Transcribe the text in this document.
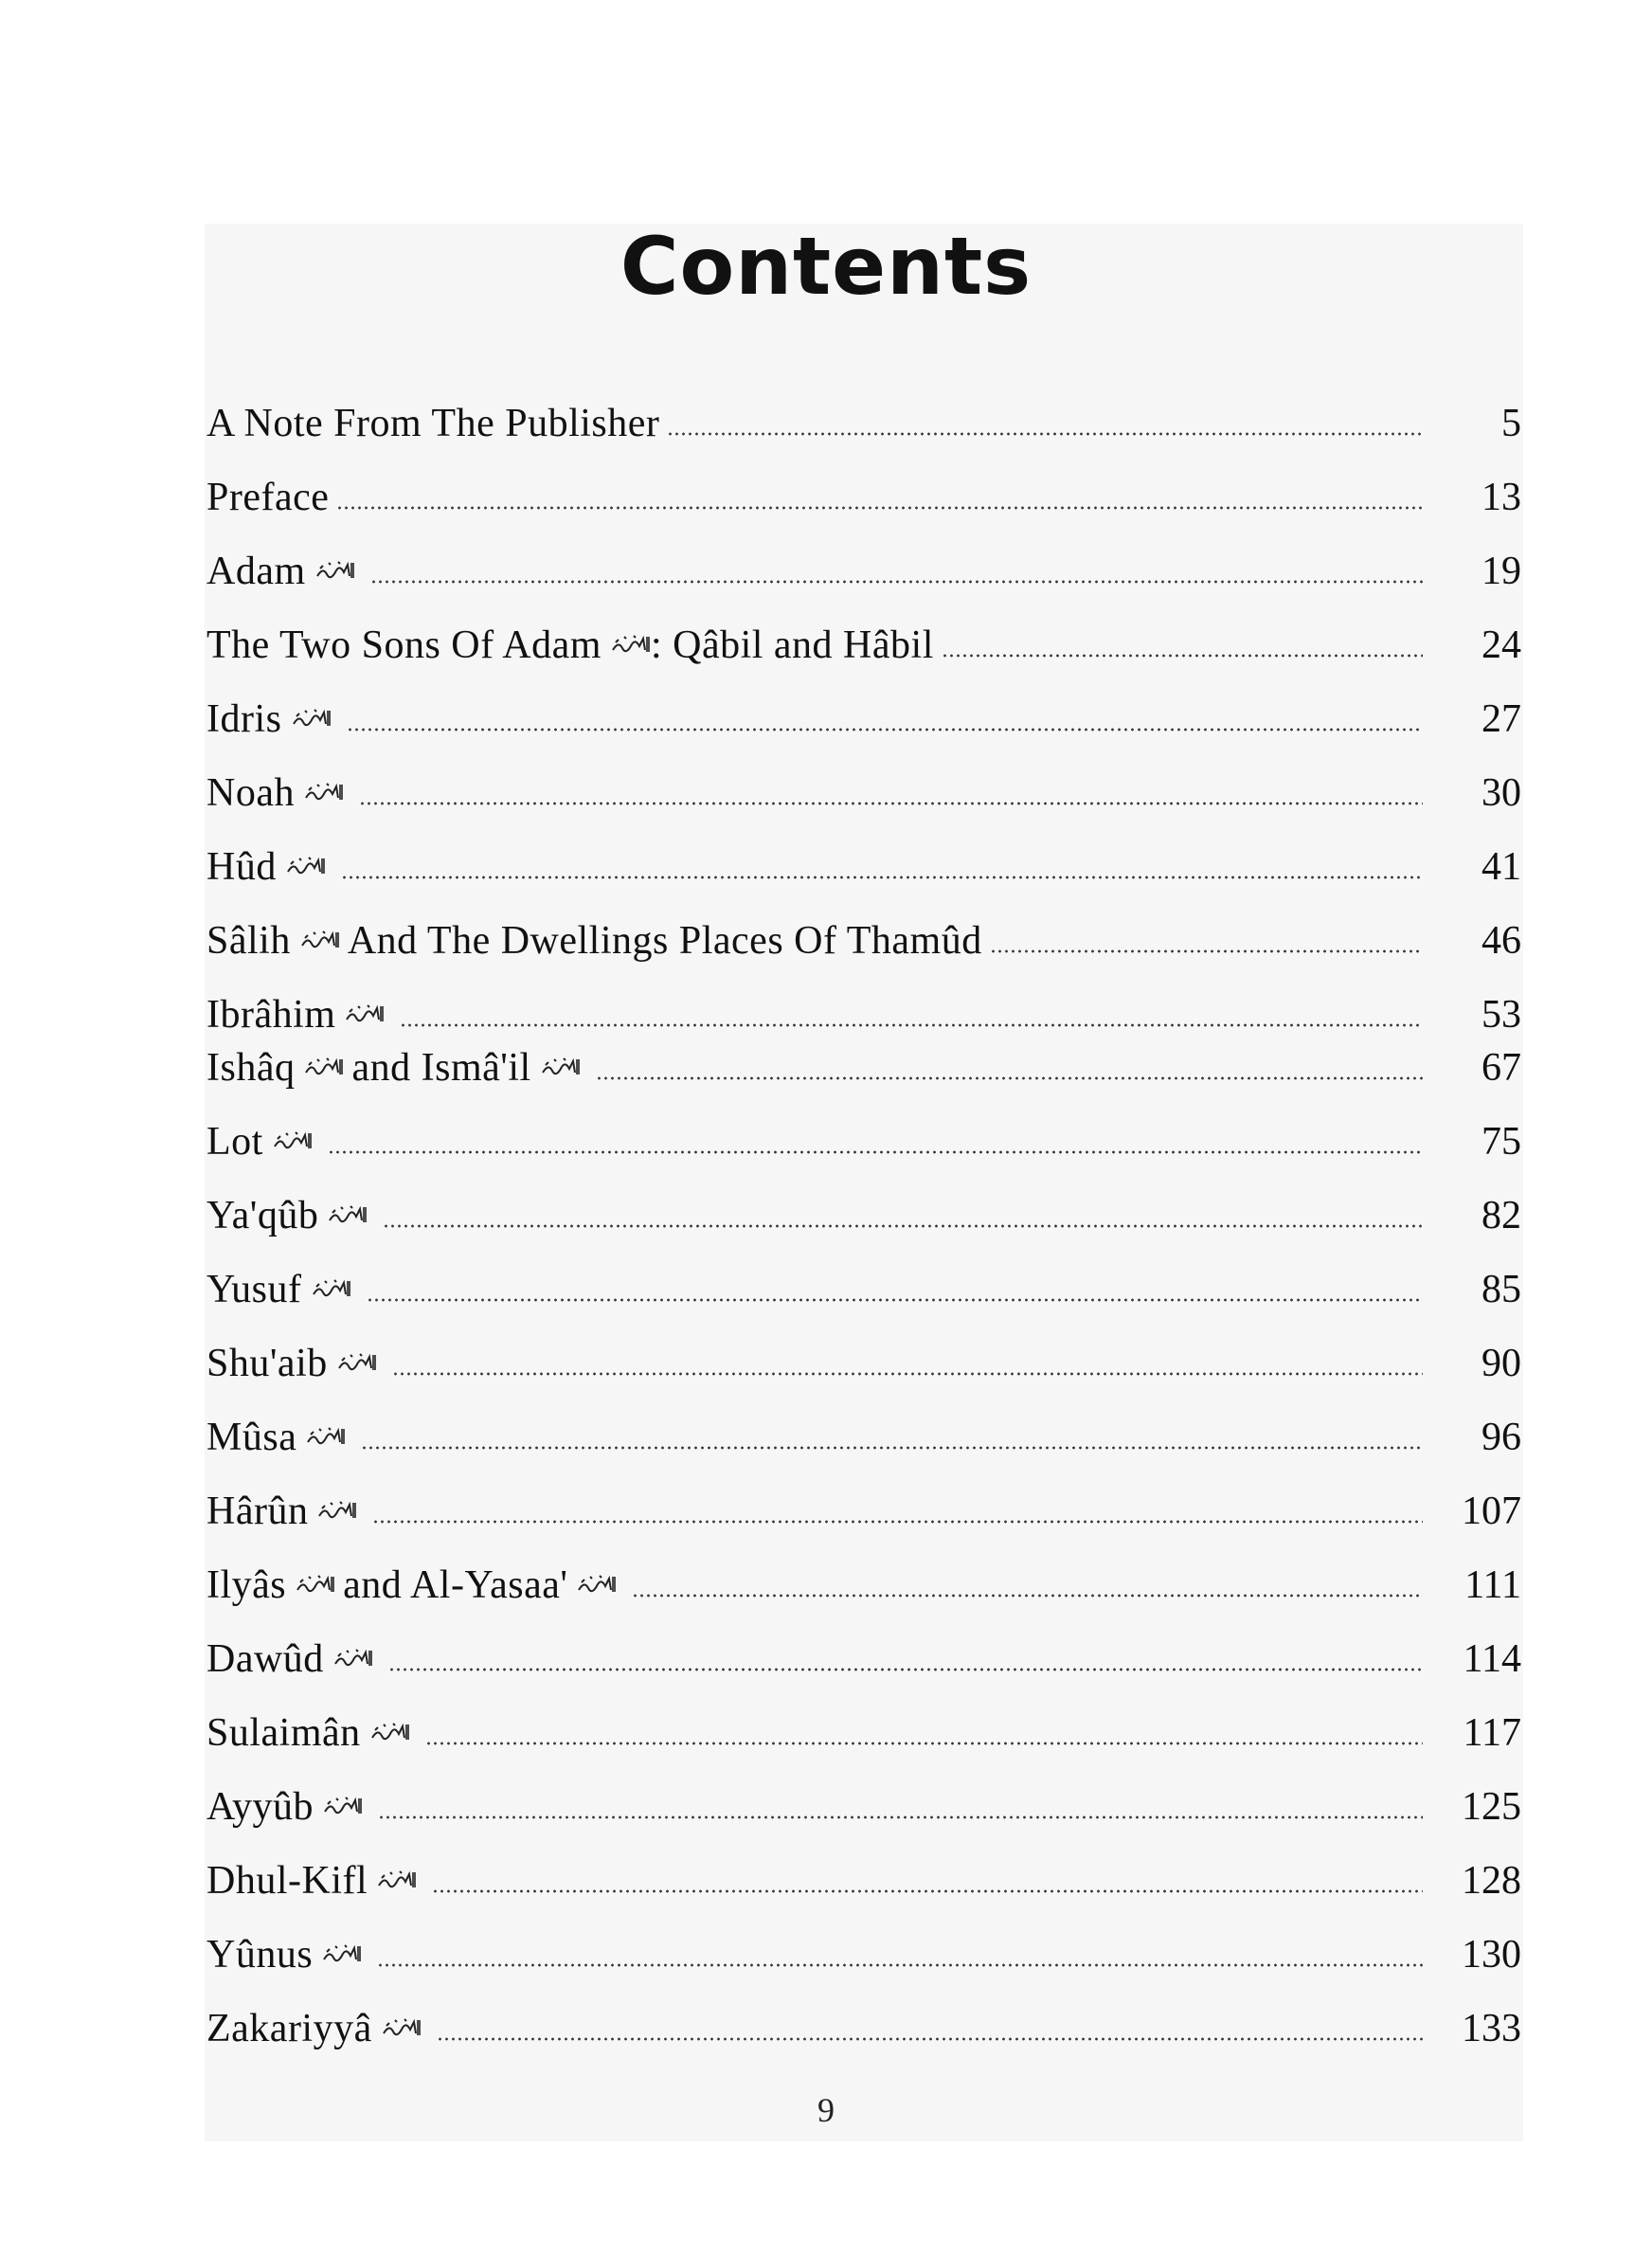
Contents
A Note From The Publisher	5
Preface	13
Adam	19
The Two Sons Of Adam : Qâbil and Hâbil	24
Idris	27
Noah	30
Hûd	41
Sâlih And The Dwellings Places Of Thamûd	46
Ibrâhim	53
Ishâq and Ismâ'il	67
Lot	75
Ya'qûb	82
Yusuf	85
Shu'aib	90
Mûsa	96
Hârûn	107
Ilyâs and Al-Yasaa'	111
Dawûd	114
Sulaimân	117
Ayyûb	125
Dhul-Kifl	128
Yûnus	130
Zakariyyâ	133
9
